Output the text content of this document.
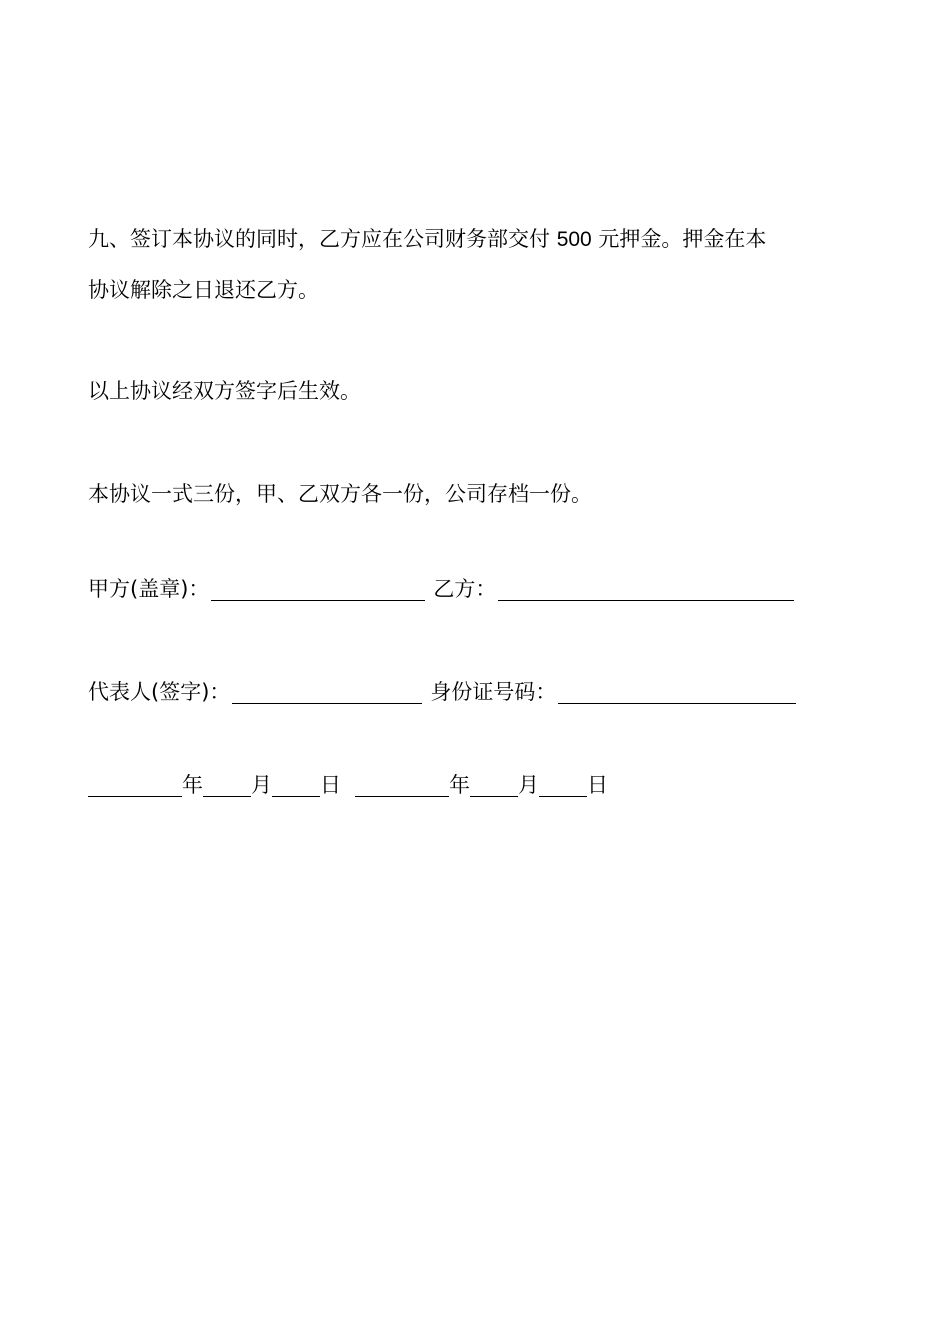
九、签订本协议的同时，乙方应在公司财务部交付 500 元押金。押金在本
协议解除之日退还乙方。
以上协议经双方签字后生效。
本协议一式三份，甲、乙双方各一份，公司存档一份。
甲方(盖章)：	乙方：
代表人(签字)：	身份证号码：
年 月 日	年 月 日
